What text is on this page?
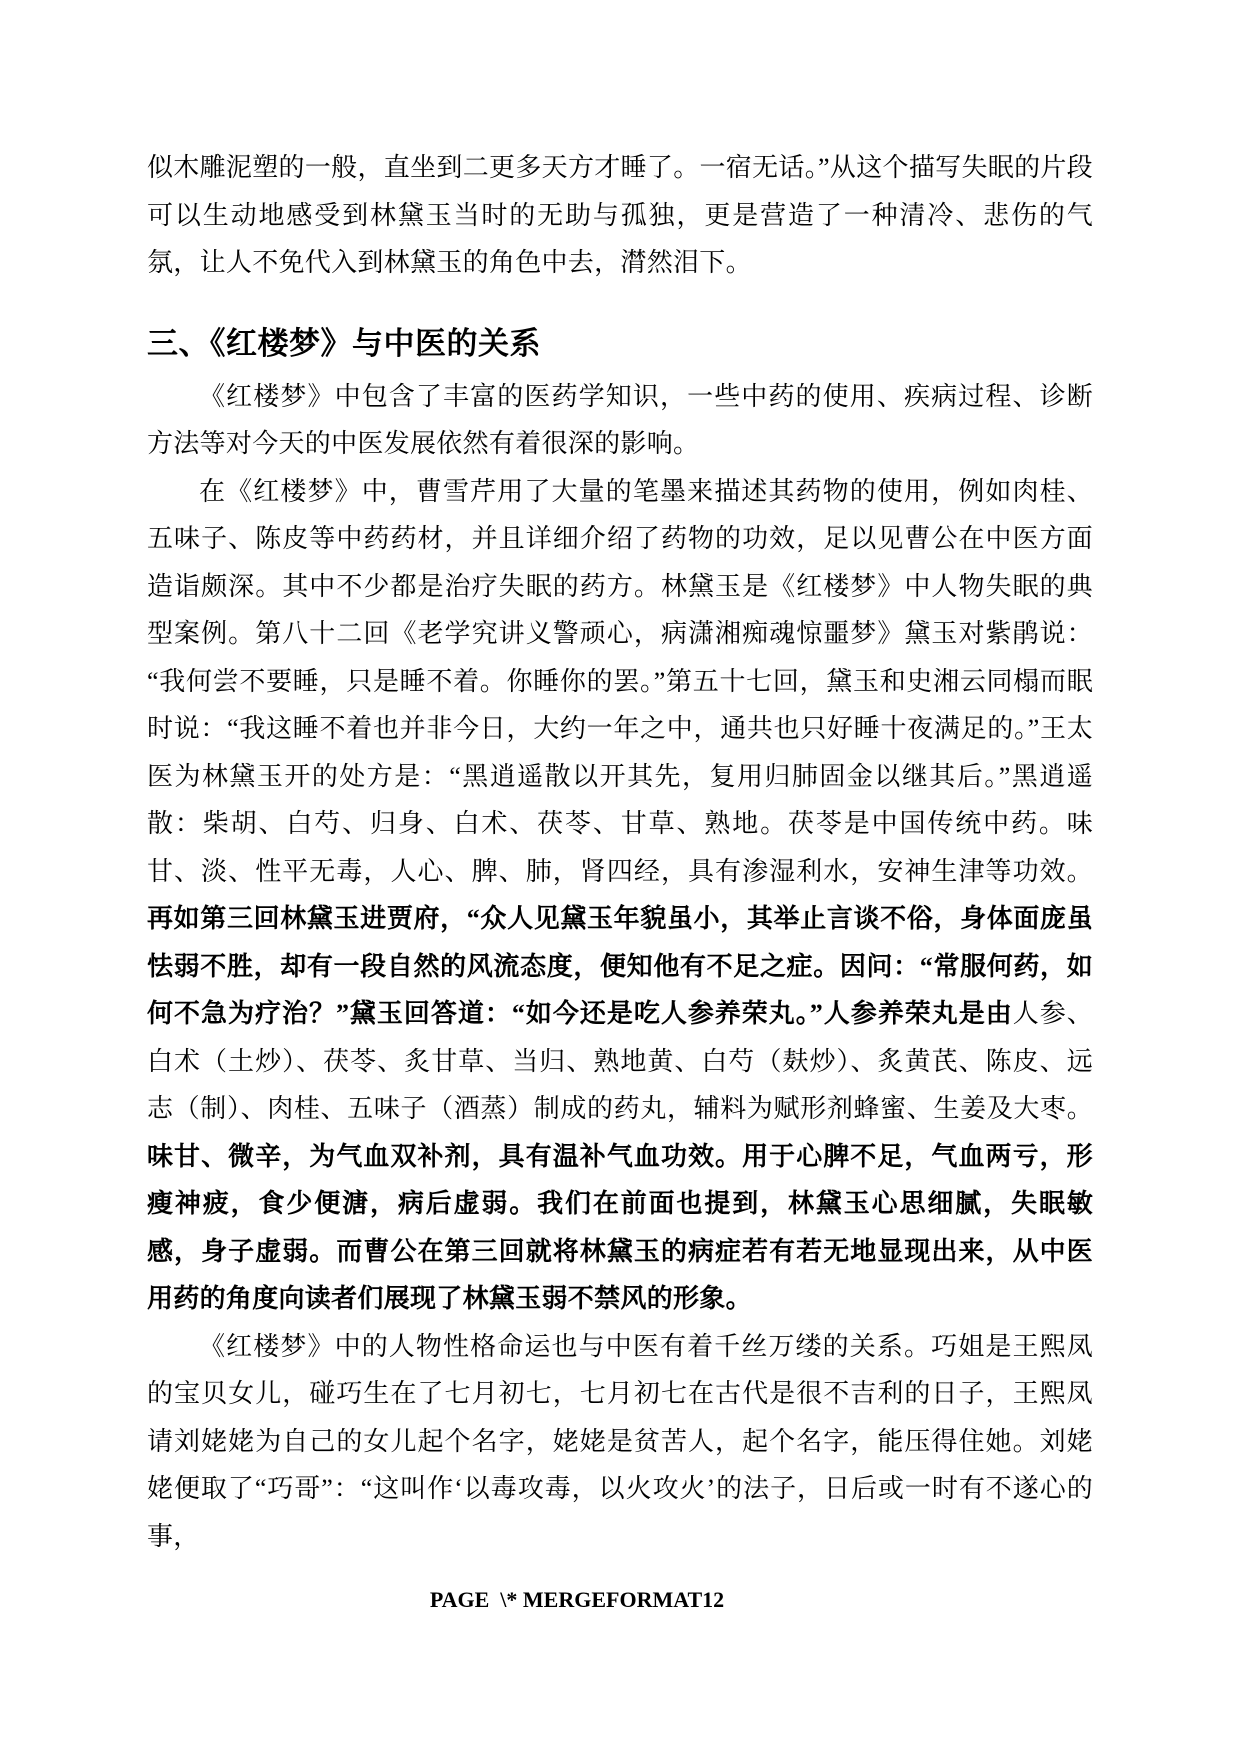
似木雕泥塑的一般，直坐到二更多天方才睡了。一宿无话。”从这个描写失眠的片段可以生动地感受到林黛玉当时的无助与孤独，更是营造了一种清冷、悲伤的气氛，让人不免代入到林黛玉的角色中去，潸然泪下。

三、《红楼梦》与中医的关系

《红楼梦》中包含了丰富的医药学知识，一些中药的使用、疾病过程、诊断方法等对今天的中医发展依然有着很深的影响。

在《红楼梦》中，曹雪芹用了大量的笔墨来描述其药物的使用，例如肉桂、五味子、陈皮等中药药材，并且详细介绍了药物的功效，足以见曹公在中医方面造诣颇深。其中不少都是治疗失眠的药方。林黛玉是《红楼梦》中人物失眠的典型案例。第八十二回《老学究讲义警顽心，病潇湘痴魂惊噩梦》黛玉对紫鹃说：“我何尝不要睡，只是睡不着。你睡你的罢。”第五十七回，黛玉和史湘云同榻而眠时说：“我这睡不着也并非今日，大约一年之中，通共也只好睡十夜满足的。”王太医为林黛玉开的处方是：“黑逍遥散以开其先，复用归肺固金以继其后。”黑逍遥散：柴胡、白芍、归身、白术、茯苓、甘草、熟地。茯苓是中国传统中药。味甘、淡、性平无毒，人心、脾、肺，肾四经，具有渗湿利水，安神生津等功效。再如第三回林黛玉进贾府，“众人见黛玉年貌虽小，其举止言谈不俗，身体面庞虽怯弱不胜，却有一段自然的风流态度，便知他有不足之症。因问：“常服何药，如何不急为疗治？”黛玉回答道：“如今还是吃人参养荣丸。”人参养荣丸是由人参、白术（土炒）、茯苓、炙甘草、当归、熟地黄、白芍（麸炒）、炙黄芪、陈皮、远志（制）、肉桂、五味子（酒蒸）制成的药丸，辅料为赋形剂蜂蜜、生姜及大枣。味甘、微辛，为气血双补剂，具有温补气血功效。用于心脾不足，气血两亏，形瘦神疲，食少便溏，病后虚弱。我们在前面也提到，林黛玉心思细腻，失眠敏感，身子虚弱。而曹公在第三回就将林黛玉的病症若有若无地显现出来，从中医用药的角度向读者们展现了林黛玉弱不禁风的形象。

《红楼梦》中的人物性格命运也与中医有着千丝万缕的关系。巧姐是王熙凤的宝贝女儿，碰巧生在了七月初七，七月初七在古代是很不吉利的日子，王熙凤请刘姥姥为自己的女儿起个名字，姥姥是贫苦人，起个名字，能压得住她。刘姥姥便取了“巧哥”：“这叫作‘以毒攻毒，以火攻火’的法子，日后或一时有不遂心的事，

PAGE  \* MERGEFORMAT12
